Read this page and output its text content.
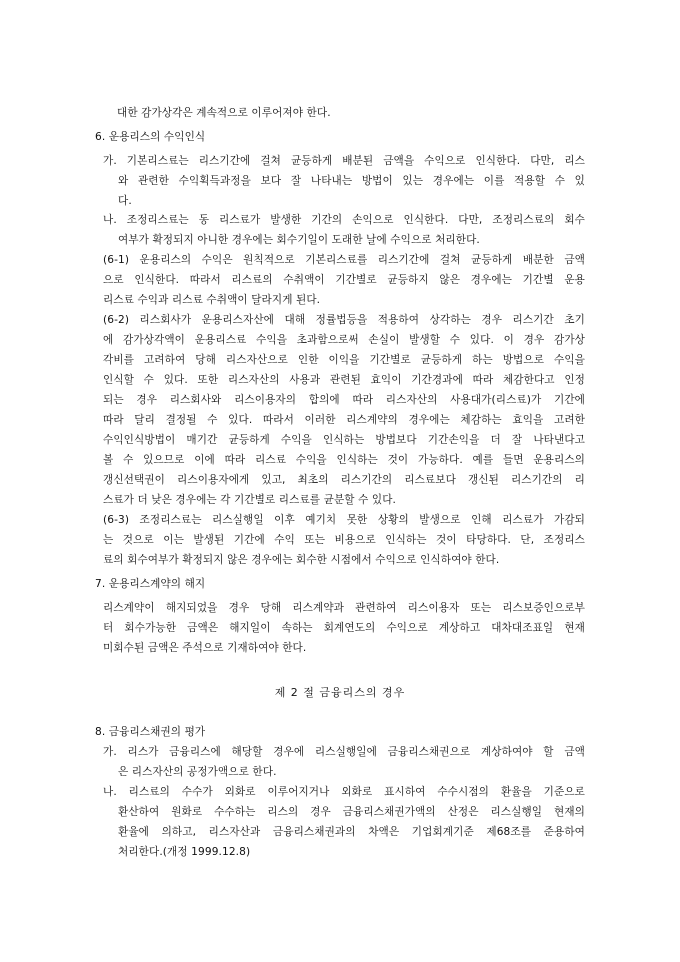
대한 감가상각은 계속적으로 이루어져야 한다.
6. 운용리스의 수익인식
가. 기본리스료는 리스기간에 걸쳐 균등하게 배분된 금액을 수익으로 인식한다. 다만, 리스
와 관련한 수익획득과정을 보다 잘 나타내는 방법이 있는 경우에는 이를 적용할 수 있
다.
나. 조정리스료는 동 리스료가 발생한 기간의 손익으로 인식한다. 다만, 조정리스료의 회수
여부가 확정되지 아니한 경우에는 회수기일이 도래한 날에 수익으로 처리한다.
(6-1) 운용리스의 수익은 원칙적으로 기본리스료를 리스기간에 걸쳐 균등하게 배분한 금액
으로 인식한다. 따라서 리스료의 수취액이 기간별로 균등하지 않은 경우에는 기간별 운용
리스료 수익과 리스료 수취액이 달라지게 된다.
(6-2) 리스회사가 운용리스자산에 대해 정률법등을 적용하여 상각하는 경우 리스기간 초기
에 감가상각액이 운용리스료 수익을 초과함으로써 손실이 발생할 수 있다. 이 경우 감가상
각비를 고려하여 당해 리스자산으로 인한 이익을 기간별로 균등하게 하는 방법으로 수익을
인식할 수 있다. 또한 리스자산의 사용과 관련된 효익이 기간경과에 따라 체감한다고 인정
되는 경우 리스회사와 리스이용자의 합의에 따라 리스자산의 사용대가(리스료)가 기간에
따라 달리 결정될 수 있다. 따라서 이러한 리스계약의 경우에는 체감하는 효익을 고려한
수익인식방법이 매기간 균등하게 수익을 인식하는 방법보다 기간손익을 더 잘 나타낸다고
볼 수 있으므로 이에 따라 리스료 수익을 인식하는 것이 가능하다. 예를 들면 운용리스의
갱신선택권이 리스이용자에게 있고, 최초의 리스기간의 리스료보다 갱신된 리스기간의 리
스료가 더 낮은 경우에는 각 기간별로 리스료를 균분할 수 있다.
(6-3) 조정리스료는 리스실행일 이후 예기치 못한 상황의 발생으로 인해 리스료가 가감되
는 것으로 이는 발생된 기간에 수익 또는 비용으로 인식하는 것이 타당하다. 단, 조정리스
료의 회수여부가 확정되지 않은 경우에는 회수한 시점에서 수익으로 인식하여야 한다.
7. 운용리스계약의 해지
리스계약이 해지되었을 경우 당해 리스계약과 관련하여 리스이용자 또는 리스보증인으로부
터 회수가능한 금액은 해지일이 속하는 회계연도의 수익으로 계상하고 대차대조표일 현재
미회수된 금액은 주석으로 기재하여야 한다.
제 2 절 금융리스의 경우
8. 금융리스채권의 평가
가. 리스가 금융리스에 해당할 경우에 리스실행일에 금융리스채권으로 계상하여야 할 금액
은 리스자산의 공정가액으로 한다.
나. 리스료의 수수가 외화로 이루어지거나 외화로 표시하여 수수시점의 환율을 기준으로
환산하여 원화로 수수하는 리스의 경우 금융리스채권가액의 산정은 리스실행일 현재의
환율에 의하고, 리스자산과 금융리스채권과의 차액은 기업회계기준 제68조를 준용하여
처리한다.(개정 1999.12.8)
